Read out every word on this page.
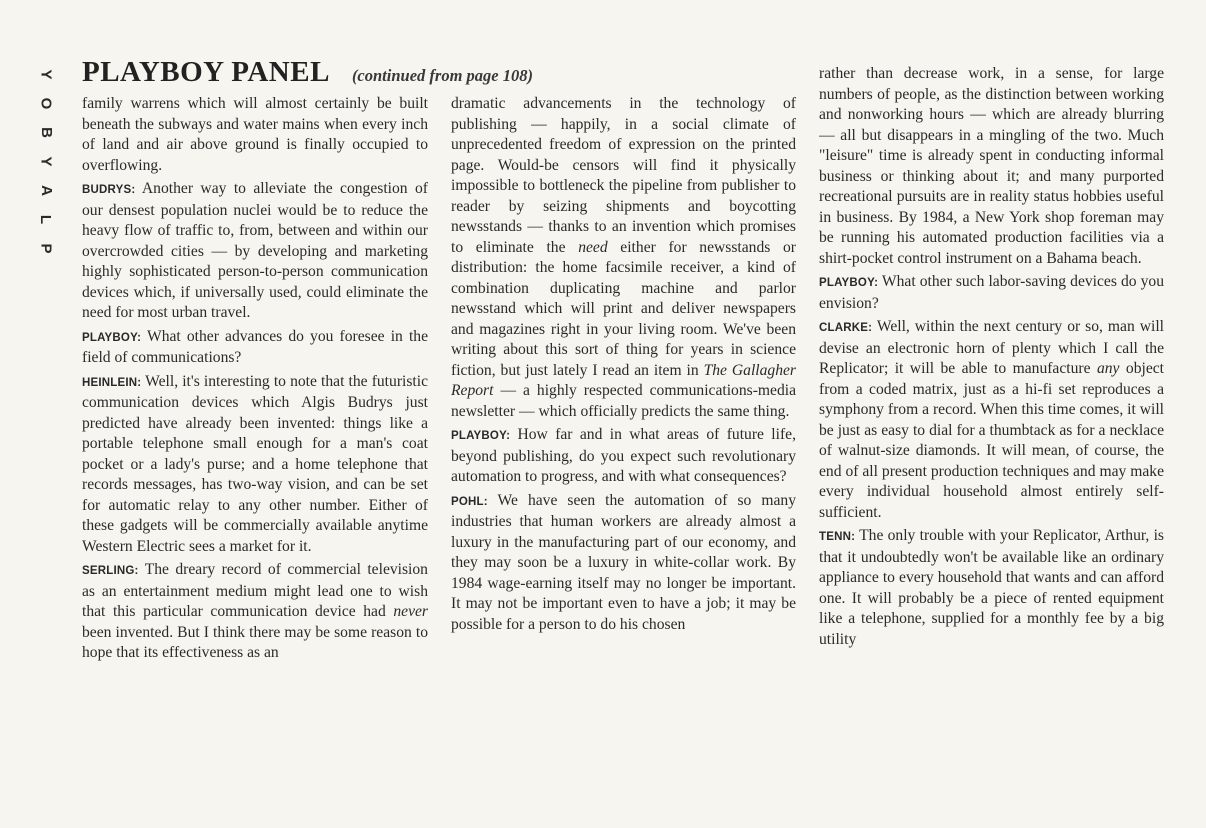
Y
O
B
Y
A
L
P
PLAYBOY PANEL (continued from page 108)

family warrens which will almost certainly be built beneath the subways and water mains when every inch of land and air above ground is finally occupied to overflowing.

BUDRYS: Another way to alleviate the congestion of our densest population nuclei would be to reduce the heavy flow of traffic to, from, between and within our overcrowded cities — by developing and marketing highly sophisticated person-to-person communication devices which, if universally used, could eliminate the need for most urban travel.

PLAYBOY: What other advances do you foresee in the field of communications?

HEINLEIN: Well, it's interesting to note that the futuristic communication devices which Algis Budrys just predicted have already been invented: things like a portable telephone small enough for a man's coat pocket or a lady's purse; and a home telephone that records messages, has two-way vision, and can be set for automatic relay to any other number. Either of these gadgets will be commercially available anytime Western Electric sees a market for it.

SERLING: The dreary record of commercial television as an entertainment medium might lead one to wish that this particular communication device had never been invented. But I think there may be some reason to hope that its effectiveness as an

dramatic advancements in the technology of publishing — happily, in a social climate of unprecedented freedom of expression on the printed page. Would-be censors will find it physically impossible to bottleneck the pipeline from publisher to reader by seizing shipments and boycotting newsstands — thanks to an invention which promises to eliminate the need either for newsstands or distribution: the home facsimile receiver, a kind of combination duplicating machine and parlor newsstand which will print and deliver newspapers and magazines right in your living room. We've been writing about this sort of thing for years in science fiction, but just lately I read an item in The Gallagher Report — a highly respected communications-media newsletter — which officially predicts the same thing.

PLAYBOY: How far and in what areas of future life, beyond publishing, do you expect such revolutionary automation to progress, and with what consequences?

POHL: We have seen the automation of so many industries that human workers are already almost a luxury in the manufacturing part of our economy, and they may soon be a luxury in white-collar work. By 1984 wage-earning itself may no longer be important. It may not be important even to have a job; it may be possible for a person to do his chosen

rather than decrease work, in a sense, for large numbers of people, as the distinction between working and nonworking hours — which are already blurring — all but disappears in a mingling of the two. Much "leisure" time is already spent in conducting informal business or thinking about it; and many purported recreational pursuits are in reality status hobbies useful in business. By 1984, a New York shop foreman may be running his automated production facilities via a shirt-pocket control instrument on a Bahama beach.

PLAYBOY: What other such labor-saving devices do you envision?

CLARKE: Well, within the next century or so, man will devise an electronic horn of plenty which I call the Replicator; it will be able to manufacture any object from a coded matrix, just as a hi-fi set reproduces a symphony from a record. When this time comes, it will be just as easy to dial for a thumbtack as for a necklace of walnut-size diamonds. It will mean, of course, the end of all present production techniques and may make every individual household almost entirely self-sufficient.

TENN: The only trouble with your Replicator, Arthur, is that it undoubtedly won't be available like an ordinary appliance to every household that wants and can afford one. It will probably be a piece of rented equipment like a telephone, supplied for a monthly fee by a big utility
